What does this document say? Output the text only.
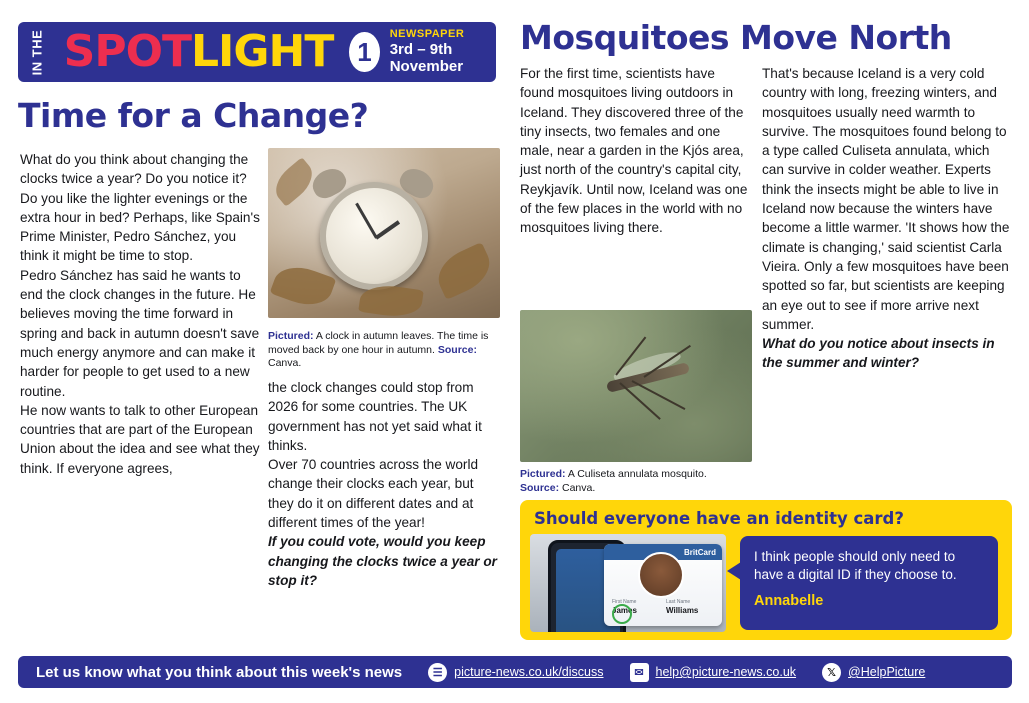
IN THE SPOTLIGHT 1
NEWSPAPER
3rd – 9th November
Time for a Change?

What do you think about changing the clocks twice a year? Do you notice it? Do you like the lighter evenings or the extra hour in bed? Perhaps, like Spain's Prime Minister, Pedro Sánchez, you think it might be time to stop.

Pedro Sánchez has said he wants to end the clock changes in the future. He believes moving the time forward in spring and back in autumn doesn't save much energy anymore and can make it harder for people to get used to a new routine.

He now wants to talk to other European countries that are part of the European Union about the idea and see what they think. If everyone agrees,

Pictured: A clock in autumn leaves. The time is moved back by one hour in autumn. Source: Canva.

the clock changes could stop from 2026 for some countries. The UK government has not yet said what it thinks.

Over 70 countries across the world change their clocks each year, but they do it on different dates and at different times of the year!

If you could vote, would you keep changing the clocks twice a year or stop it?

Mosquitoes Move North

For the first time, scientists have found mosquitoes living outdoors in Iceland. They discovered three of the tiny insects, two females and one male, near a garden in the Kjós area, just north of the country's capital city, Reykjavík. Until now, Iceland was one of the few places in the world with no mosquitoes living there.

That's because Iceland is a very cold country with long, freezing winters, and mosquitoes usually need warmth to survive. The mosquitoes found belong to a type called Culiseta annulata, which can survive in colder weather. Experts think the insects might be able to live in Iceland now because the winters have become a little warmer. 'It shows how the climate is changing,' said scientist Carla Vieira. Only a few mosquitoes have been spotted so far, but scientists are keeping an eye out to see if more arrive next summer.

What do you notice about insects in the summer and winter?

Pictured: A Culiseta annulata mosquito.
Source: Canva.
Should everyone have an identity card?
BritCard
First Name
James
Last Name
Williams
I think people should only need to have a digital ID if they choose to.
Annabelle
Let us know what you think about this week's news	☰ picture-news.co.uk/discuss	✉ help@picture-news.co.uk	𝕏 @HelpPicture
